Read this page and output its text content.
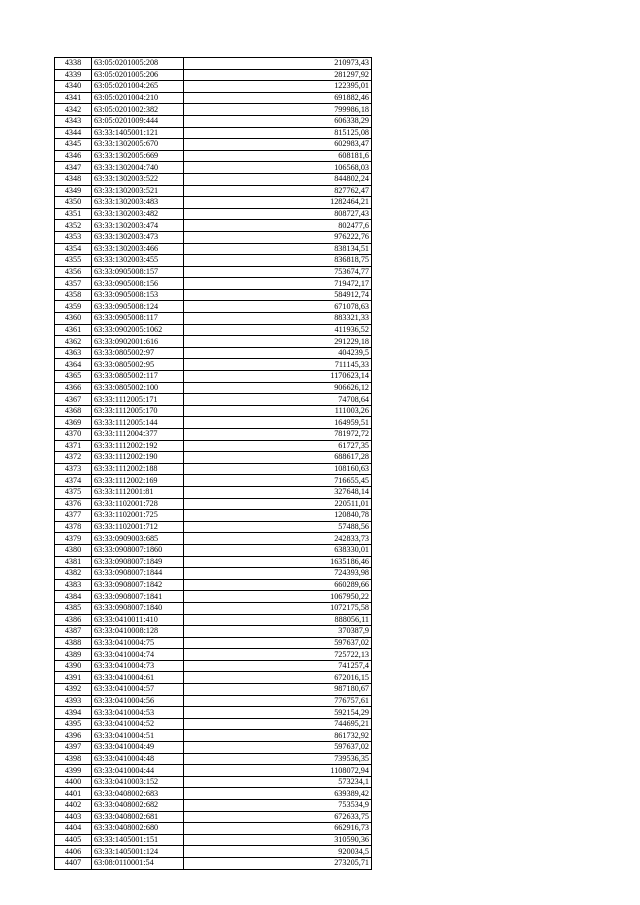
4338	63:05:0201005:208	210973,43
4339	63:05:0201005:206	281297,92
4340	63:05:0201004:265	122395,01
4341	63:05:0201004:210	691882,46
4342	63:05:0201002:382	799986,18
4343	63:05:0201009:444	606338,29
4344	63:33:1405001:121	815125,08
4345	63:33:1302005:670	602983,47
4346	63:33:1302005:669	608181,6
4347	63:33:1302004:740	106568,03
4348	63:33:1302003:522	844802,24
4349	63:33:1302003:521	827762,47
4350	63:33:1302003:483	1282464,21
4351	63:33:1302003:482	808727,43
4352	63:33:1302003:474	802477,6
4353	63:33:1302003:473	976222,76
4354	63:33:1302003:466	838134,51
4355	63:33:1302003:455	836818,75
4356	63:33:0905008:157	753674,77
4357	63:33:0905008:156	719472,17
4358	63:33:0905008:153	584912,74
4359	63:33:0905008:124	671078,63
4360	63:33:0905008:117	883321,33
4361	63:33:0902005:1062	411936,52
4362	63:33:0902001:616	291229,18
4363	63:33:0805002:97	404239,5
4364	63:33:0805002:95	711145,33
4365	63:33:0805002:117	1170623,14
4366	63:33:0805002:100	906626,12
4367	63:33:1112005:171	74708,64
4368	63:33:1112005:170	111003,26
4369	63:33:1112005:144	164959,51
4370	63:33:1112004:377	781972,72
4371	63:33:1112002:192	61727,35
4372	63:33:1112002:190	688617,28
4373	63:33:1112002:188	108160,63
4374	63:33:1112002:169	716655,45
4375	63:33:1112001:81	327648,14
4376	63:33:1102001:728	220511,01
4377	63:33:1102001:725	120840,78
4378	63:33:1102001:712	57488,56
4379	63:33:0909003:685	242833,73
4380	63:33:0908007:1860	638330,01
4381	63:33:0908007:1849	1635186,46
4382	63:33:0908007:1844	724393,98
4383	63:33:0908007:1842	660289,66
4384	63:33:0908007:1841	1067950,22
4385	63:33:0908007:1840	1072175,58
4386	63:33:0410011:410	888056,11
4387	63:33:0410008:128	370387,9
4388	63:33:0410004:75	597637,02
4389	63:33:0410004:74	725722,13
4390	63:33:0410004:73	741257,4
4391	63:33:0410004:61	672016,15
4392	63:33:0410004:57	987180,67
4393	63:33:0410004:56	776757,61
4394	63:33:0410004:53	592154,29
4395	63:33:0410004:52	744695,21
4396	63:33:0410004:51	861732,92
4397	63:33:0410004:49	597637,02
4398	63:33:0410004:48	739536,35
4399	63:33:0410004:44	1108072,94
4400	63:33:0410003:152	573234,1
4401	63:33:0408002:683	639389,42
4402	63:33:0408002:682	753534,9
4403	63:33:0408002:681	672633,75
4404	63:33:0408002:680	662916,73
4405	63:33:1405001:151	310590,36
4406	63:33:1405001:124	920034,5
4407	63:08:0110001:54	273205,71
